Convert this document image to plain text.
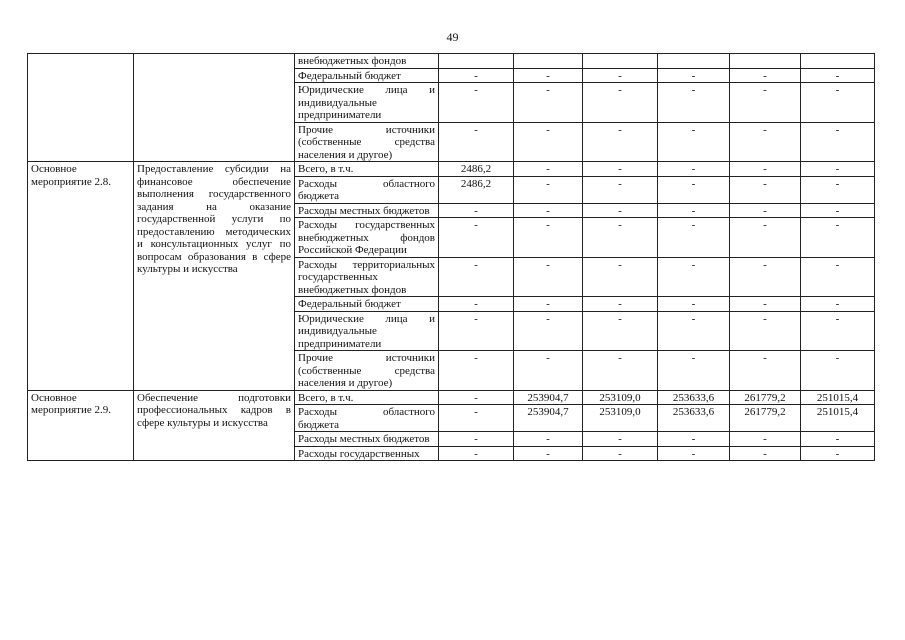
49
		внебюджетных фондов						
		Федеральный бюджет	-	-	-	-	-	-
		Юридические лица и индивидуальные предприниматели	-	-	-	-	-	-
		Прочие источники (собственные средства населения и другое)	-	-	-	-	-	-
Основное мероприятие 2.8.	Предоставление субсидии на финансовое обеспечение выполнения государственного задания на оказание государственной услуги по предоставлению методических и консультационных услуг по вопросам образования в сфере культуры и искусства	Всего, в т.ч.	2486,2	-	-	-	-	-
		Расходы областного бюджета	2486,2	-	-	-	-	-
		Расходы местных бюджетов	-	-	-	-	-	-
		Расходы государственных внебюджетных фондов Российской Федерации	-	-	-	-	-	-
		Расходы территориальных государственных внебюджетных фондов	-	-	-	-	-	-
		Федеральный бюджет	-	-	-	-	-	-
		Юридические лица и индивидуальные предприниматели	-	-	-	-	-	-
		Прочие источники (собственные средства населения и другое)	-	-	-	-	-	-
Основное мероприятие 2.9.	Обеспечение подготовки профессиональных кадров в сфере культуры и искусства	Всего, в т.ч.	-	253904,7	253109,0	253633,6	261779,2	251015,4
		Расходы областного бюджета	-	253904,7	253109,0	253633,6	261779,2	251015,4
		Расходы местных бюджетов	-	-	-	-	-	-
		Расходы государственных	-	-	-	-	-	-
